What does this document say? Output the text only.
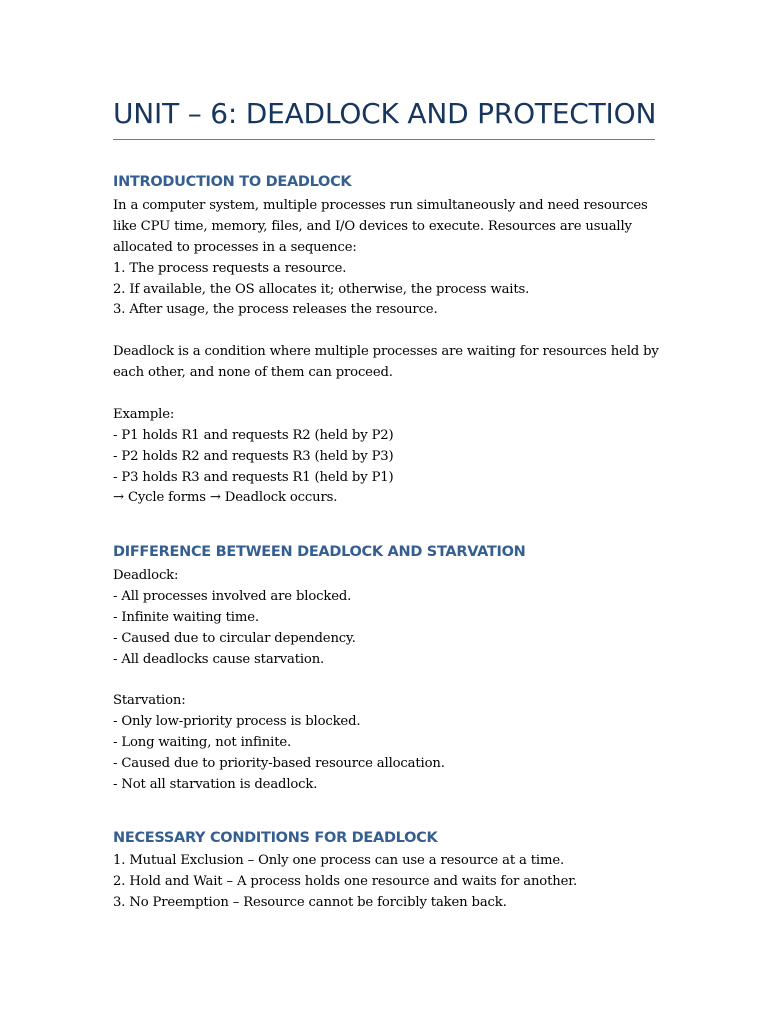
UNIT – 6: DEADLOCK AND PROTECTION
INTRODUCTION TO DEADLOCK
In a computer system, multiple processes run simultaneously and need resources
like CPU time, memory, files, and I/O devices to execute. Resources are usually
allocated to processes in a sequence:
1. The process requests a resource.
2. If available, the OS allocates it; otherwise, the process waits.
3. After usage, the process releases the resource.
Deadlock is a condition where multiple processes are waiting for resources held by
each other, and none of them can proceed.
Example:
- P1 holds R1 and requests R2 (held by P2)
- P2 holds R2 and requests R3 (held by P3)
- P3 holds R3 and requests R1 (held by P1)
→ Cycle forms → Deadlock occurs.
DIFFERENCE BETWEEN DEADLOCK AND STARVATION
Deadlock:
- All processes involved are blocked.
- Infinite waiting time.
- Caused due to circular dependency.
- All deadlocks cause starvation.
Starvation:
- Only low-priority process is blocked.
- Long waiting, not infinite.
- Caused due to priority-based resource allocation.
- Not all starvation is deadlock.
NECESSARY CONDITIONS FOR DEADLOCK
1. Mutual Exclusion – Only one process can use a resource at a time.
2. Hold and Wait – A process holds one resource and waits for another.
3. No Preemption – Resource cannot be forcibly taken back.
